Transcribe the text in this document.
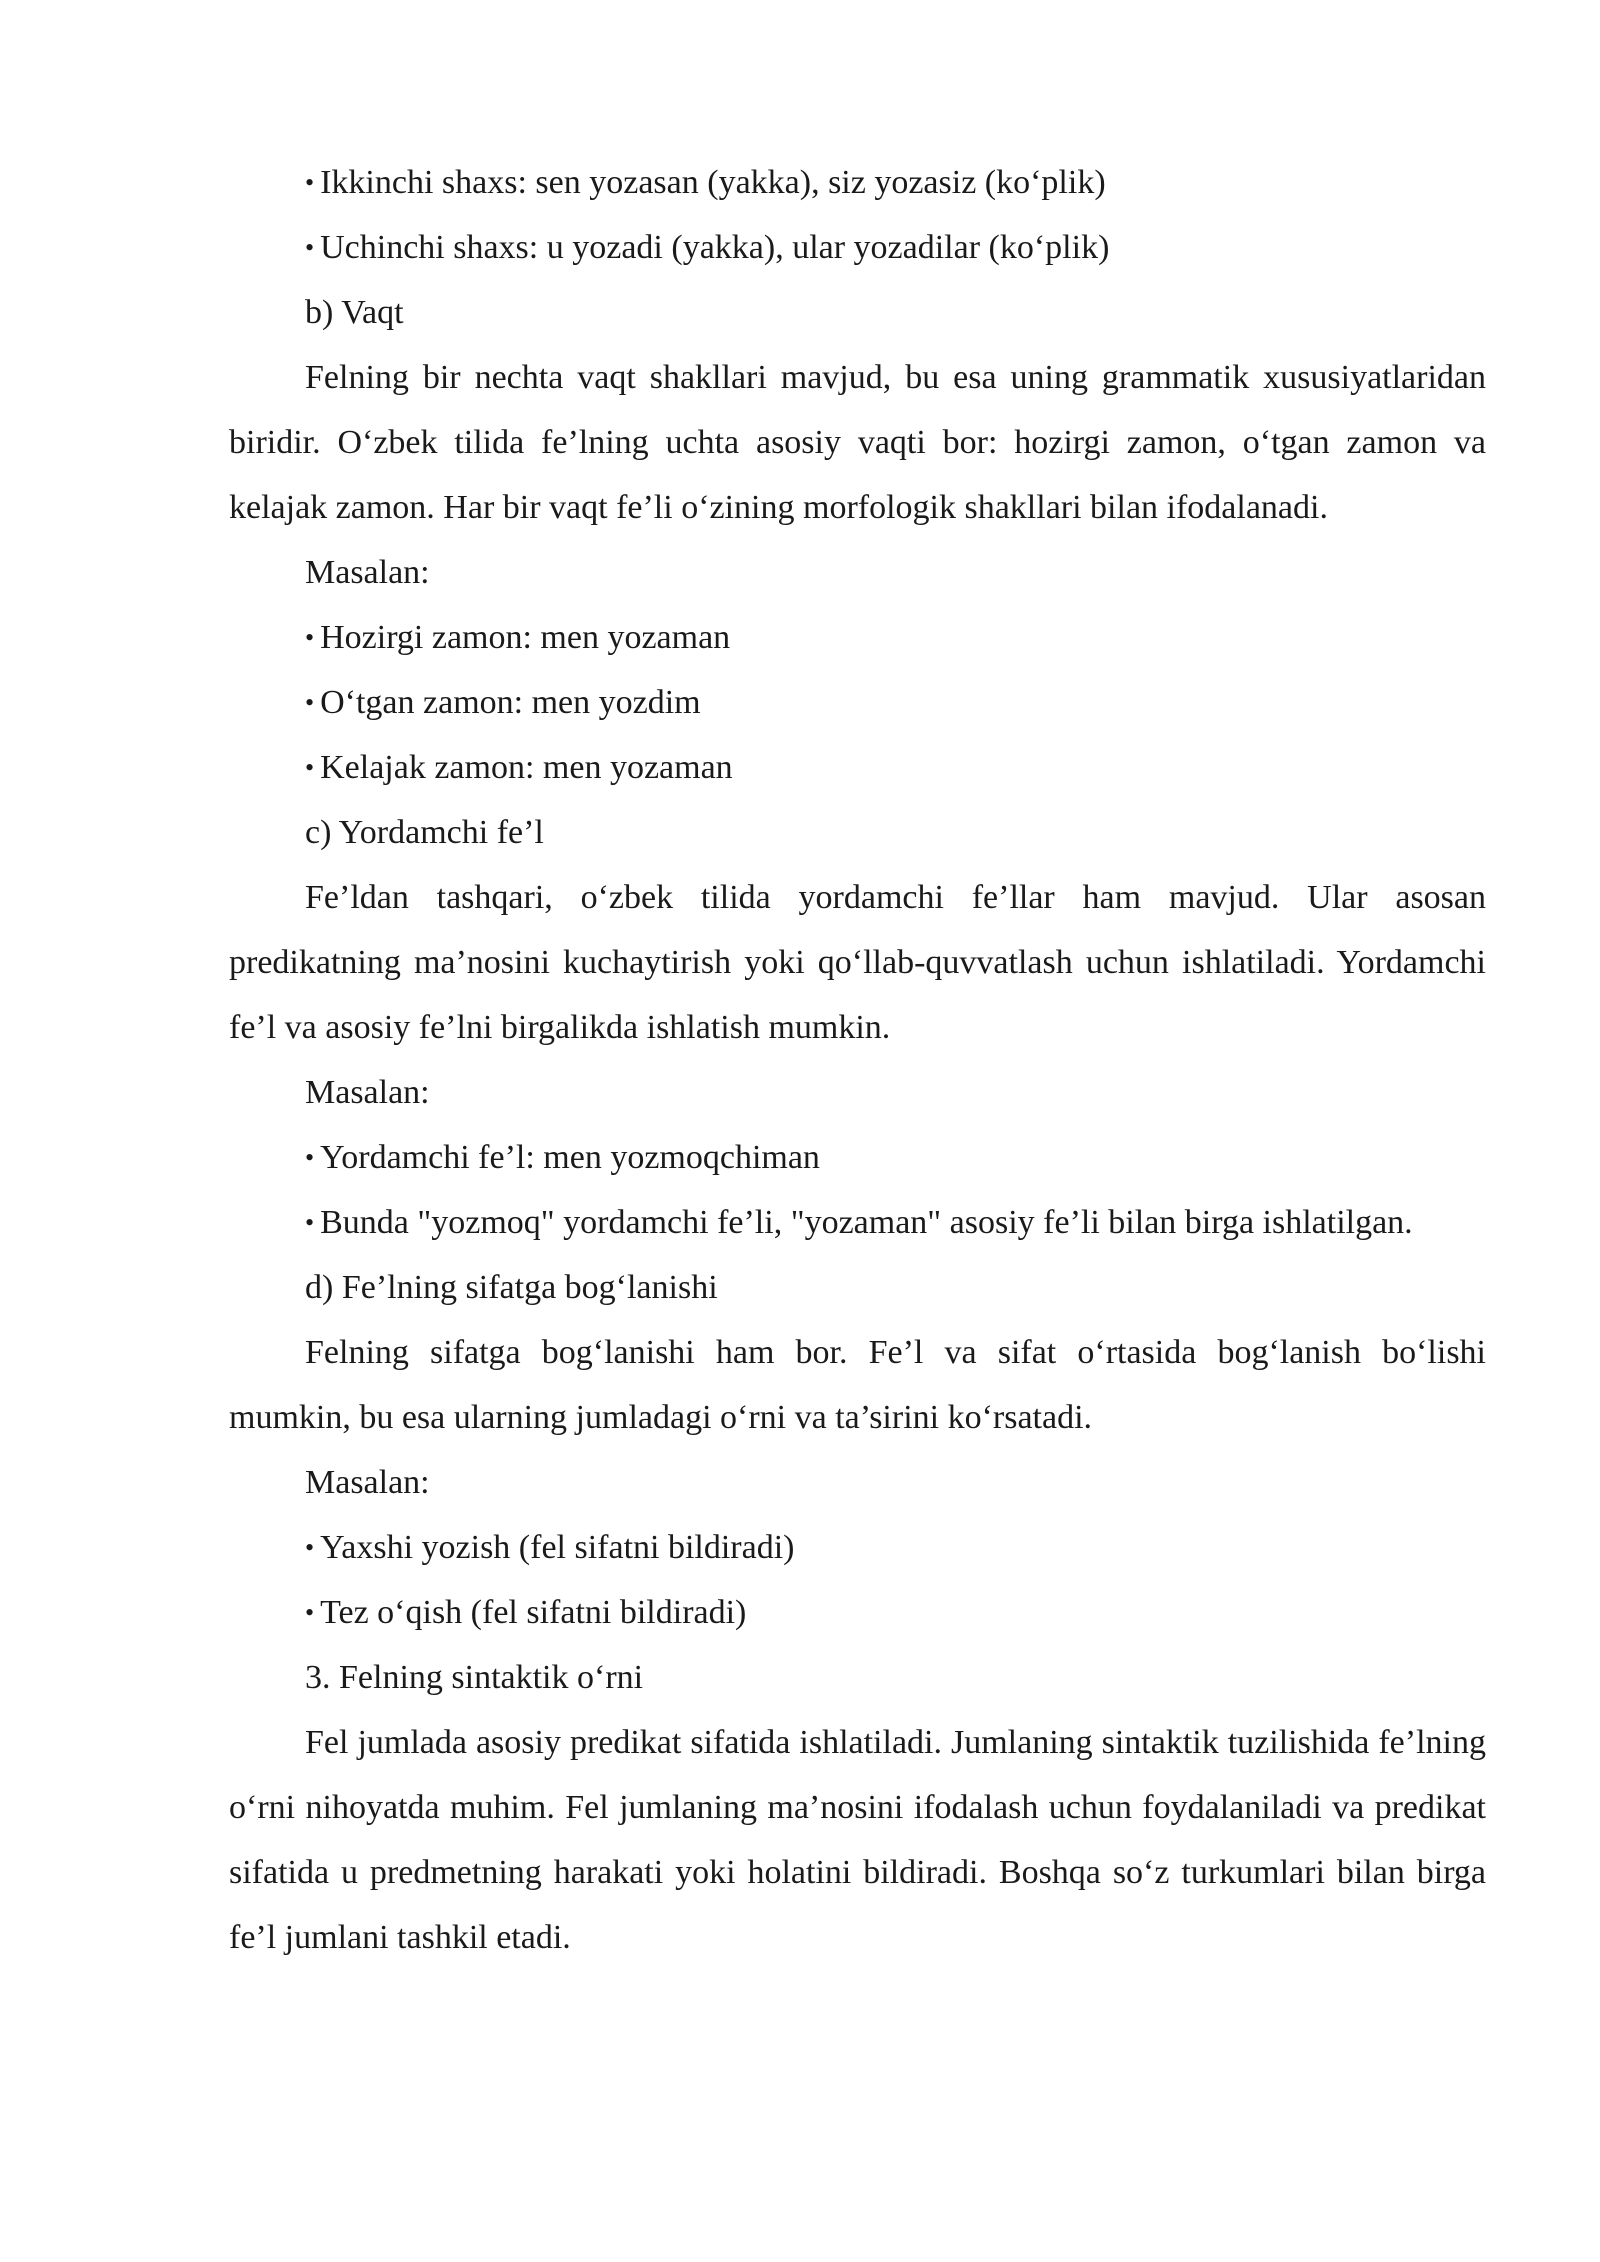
• Ikkinchi shaxs: sen yozasan (yakka), siz yozasiz (ko‘plik)

• Uchinchi shaxs: u yozadi (yakka), ular yozadilar (ko‘plik)

b) Vaqt

Felning bir nechta vaqt shakllari mavjud, bu esa uning grammatik xususiyatlaridan biridir. O‘zbek tilida fe’lning uchta asosiy vaqti bor: hozirgi zamon, o‘tgan zamon va kelajak zamon. Har bir vaqt fe’li o‘zining morfologik shakllari bilan ifodalanadi.

Masalan:

• Hozirgi zamon: men yozaman

• O‘tgan zamon: men yozdim

• Kelajak zamon: men yozaman

c) Yordamchi fe’l

Fe’ldan tashqari, o‘zbek tilida yordamchi fe’llar ham mavjud. Ular asosan predikatning ma’nosini kuchaytirish yoki qo‘llab-quvvatlash uchun ishlatiladi. Yordamchi fe’l va asosiy fe’lni birgalikda ishlatish mumkin.

Masalan:

• Yordamchi fe’l: men yozmoqchiman

• Bunda "yozmoq" yordamchi fe’li, "yozaman" asosiy fe’li bilan birga ishlatilgan.

d) Fe’lning sifatga bog‘lanishi

Felning sifatga bog‘lanishi ham bor. Fe’l va sifat o‘rtasida bog‘lanish bo‘lishi mumkin, bu esa ularning jumladagi o‘rni va ta’sirini ko‘rsatadi.

Masalan:

• Yaxshi yozish (fel sifatni bildiradi)

• Tez o‘qish (fel sifatni bildiradi)

3. Felning sintaktik o‘rni

Fel jumlada asosiy predikat sifatida ishlatiladi. Jumlaning sintaktik tuzilishida fe’lning o‘rni nihoyatda muhim. Fel jumlaning ma’nosini ifodalash uchun foydalaniladi va predikat sifatida u predmetning harakati yoki holatini bildiradi. Boshqa so‘z turkumlari bilan birga fe’l jumlani tashkil etadi.
